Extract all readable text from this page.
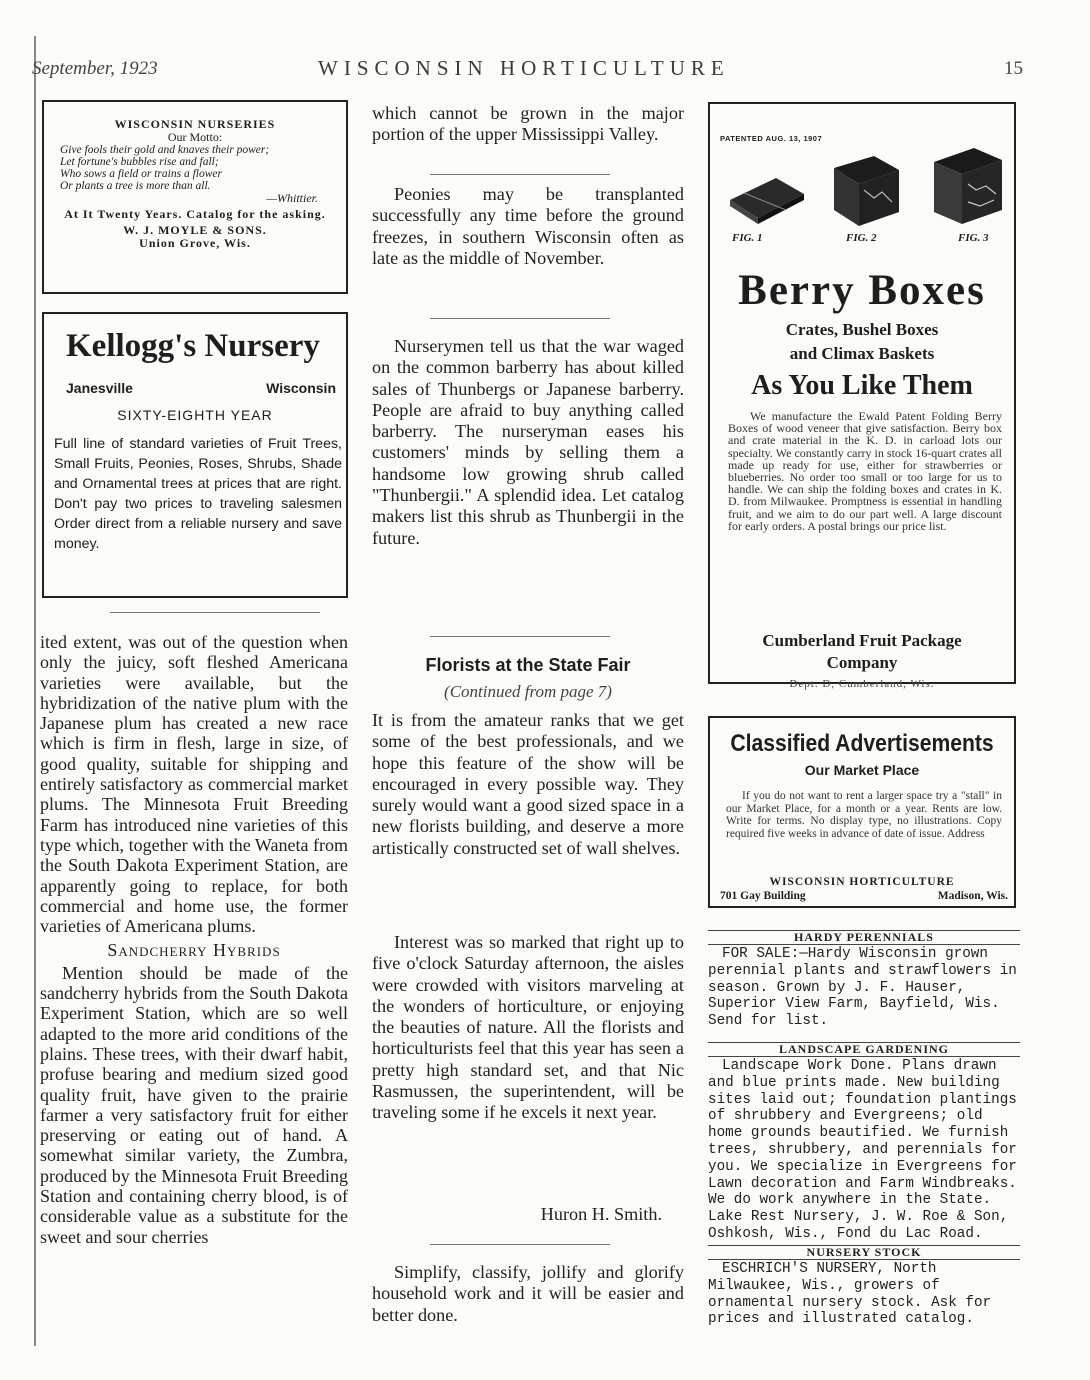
September, 1923	WISCONSIN HORTICULTURE	15
WISCONSIN NURSERIES
Our Motto:
Give fools their gold and knaves their power;
Let fortune's bubbles rise and fall;
Who sows a field or trains a flower
Or plants a tree is more than all.
—Whittier.
At It Twenty Years. Catalog for the asking.
W. J. MOYLE & SONS.
Union Grove, Wis.
Kellogg's Nursery
Janesville	Wisconsin
SIXTY-EIGHTH YEAR
Full line of standard varieties of Fruit Trees, Small Fruits, Peonies, Roses, Shrubs, Shade and Ornamental trees at prices that are right. Don't pay two prices to traveling salesmen Order direct from a reliable nursery and save money.

ited extent, was out of the question when only the juicy, soft fleshed Americana varieties were available, but the hybridization of the native plum with the Japanese plum has created a new race which is firm in flesh, large in size, of good quality, suitable for shipping and entirely satisfactory as commercial market plums. The Minnesota Fruit Breeding Farm has introduced nine varieties of this type which, together with the Waneta from the South Dakota Experiment Station, are apparently going to replace, for both commercial and home use, the former varieties of Americana plums.

Sandcherry Hybrids

Mention should be made of the sandcherry hybrids from the South Dakota Experiment Station, which are so well adapted to the more arid conditions of the plains. These trees, with their dwarf habit, profuse bearing and medium sized good quality fruit, have given to the prairie farmer a very satisfactory fruit for either preserving or eating out of hand. A somewhat similar variety, the Zumbra, produced by the Minnesota Fruit Breeding Station and containing cherry blood, is of considerable value as a substitute for the sweet and sour cherries

which cannot be grown in the major portion of the upper Mississippi Valley.
Peonies may be transplanted successfully any time before the ground freezes, in southern Wisconsin often as late as the middle of November.
Nurserymen tell us that the war waged on the common barberry has about killed sales of Thunbergs or Japanese barberry. People are afraid to buy anything called barberry. The nurseryman eases his customers' minds by selling them a handsome low growing shrub called "Thunbergii." A splendid idea. Let catalog makers list this shrub as Thunbergii in the future.
Florists at the State Fair
(Continued from page 7)
It is from the amateur ranks that we get some of the best professionals, and we hope this feature of the show will be encouraged in every possible way. They surely would want a good sized space in a new florists building, and deserve a more artistically constructed set of wall shelves.
Interest was so marked that right up to five o'clock Saturday afternoon, the aisles were crowded with visitors marveling at the wonders of horticulture, or enjoying the beauties of nature. All the florists and horticulturists feel that this year has seen a pretty high standard set, and that Nic Rasmussen, the superintendent, will be traveling some if he excels it next year.
Huron H. Smith.
Simplify, classify, jollify and glorify household work and it will be easier and better done.
PATENTED AUG. 13, 1907
FIG. 1	FIG. 2	FIG. 3
Berry Boxes
Crates, Bushel Boxes
and Climax Baskets
As You Like Them
We manufacture the Ewald Patent Folding Berry Boxes of wood veneer that give satisfaction. Berry box and crate material in the K. D. in carload lots our specialty. We constantly carry in stock 16-quart crates all made up ready for use, either for strawberries or blueberries. No order too small or too large for us to handle. We can ship the folding boxes and crates in K. D. from Milwaukee. Promptness is essential in handling fruit, and we aim to do our part well. A large discount for early orders. A postal brings our price list.
Cumberland Fruit Package
Company
Dept. D, Cumberland, Wis.
Classified Advertisements
Our Market Place
If you do not want to rent a larger space try a "stall" in our Market Place, for a month or a year. Rents are low. Write for terms. No display type, no illustrations. Copy required five weeks in advance of date of issue. Address
WISCONSIN HORTICULTURE
701 Gay Building	Madison, Wis.
HARDY PERENNIALS
FOR SALE:—Hardy Wisconsin grown perennial plants and strawflowers in season. Grown by J. F. Hauser, Superior View Farm, Bayfield, Wis. Send for list.
LANDSCAPE GARDENING
Landscape Work Done. Plans drawn and blue prints made. New building sites laid out; foundation plantings of shrubbery and Evergreens; old home grounds beautified. We furnish trees, shrubbery, and perennials for you. We specialize in Evergreens for Lawn decoration and Farm Windbreaks. We do work anywhere in the State. Lake Rest Nursery, J. W. Roe & Son, Oshkosh, Wis., Fond du Lac Road.
NURSERY STOCK
ESCHRICH'S NURSERY, North Milwaukee, Wis., growers of ornamental nursery stock. Ask for prices and illustrated catalog.
